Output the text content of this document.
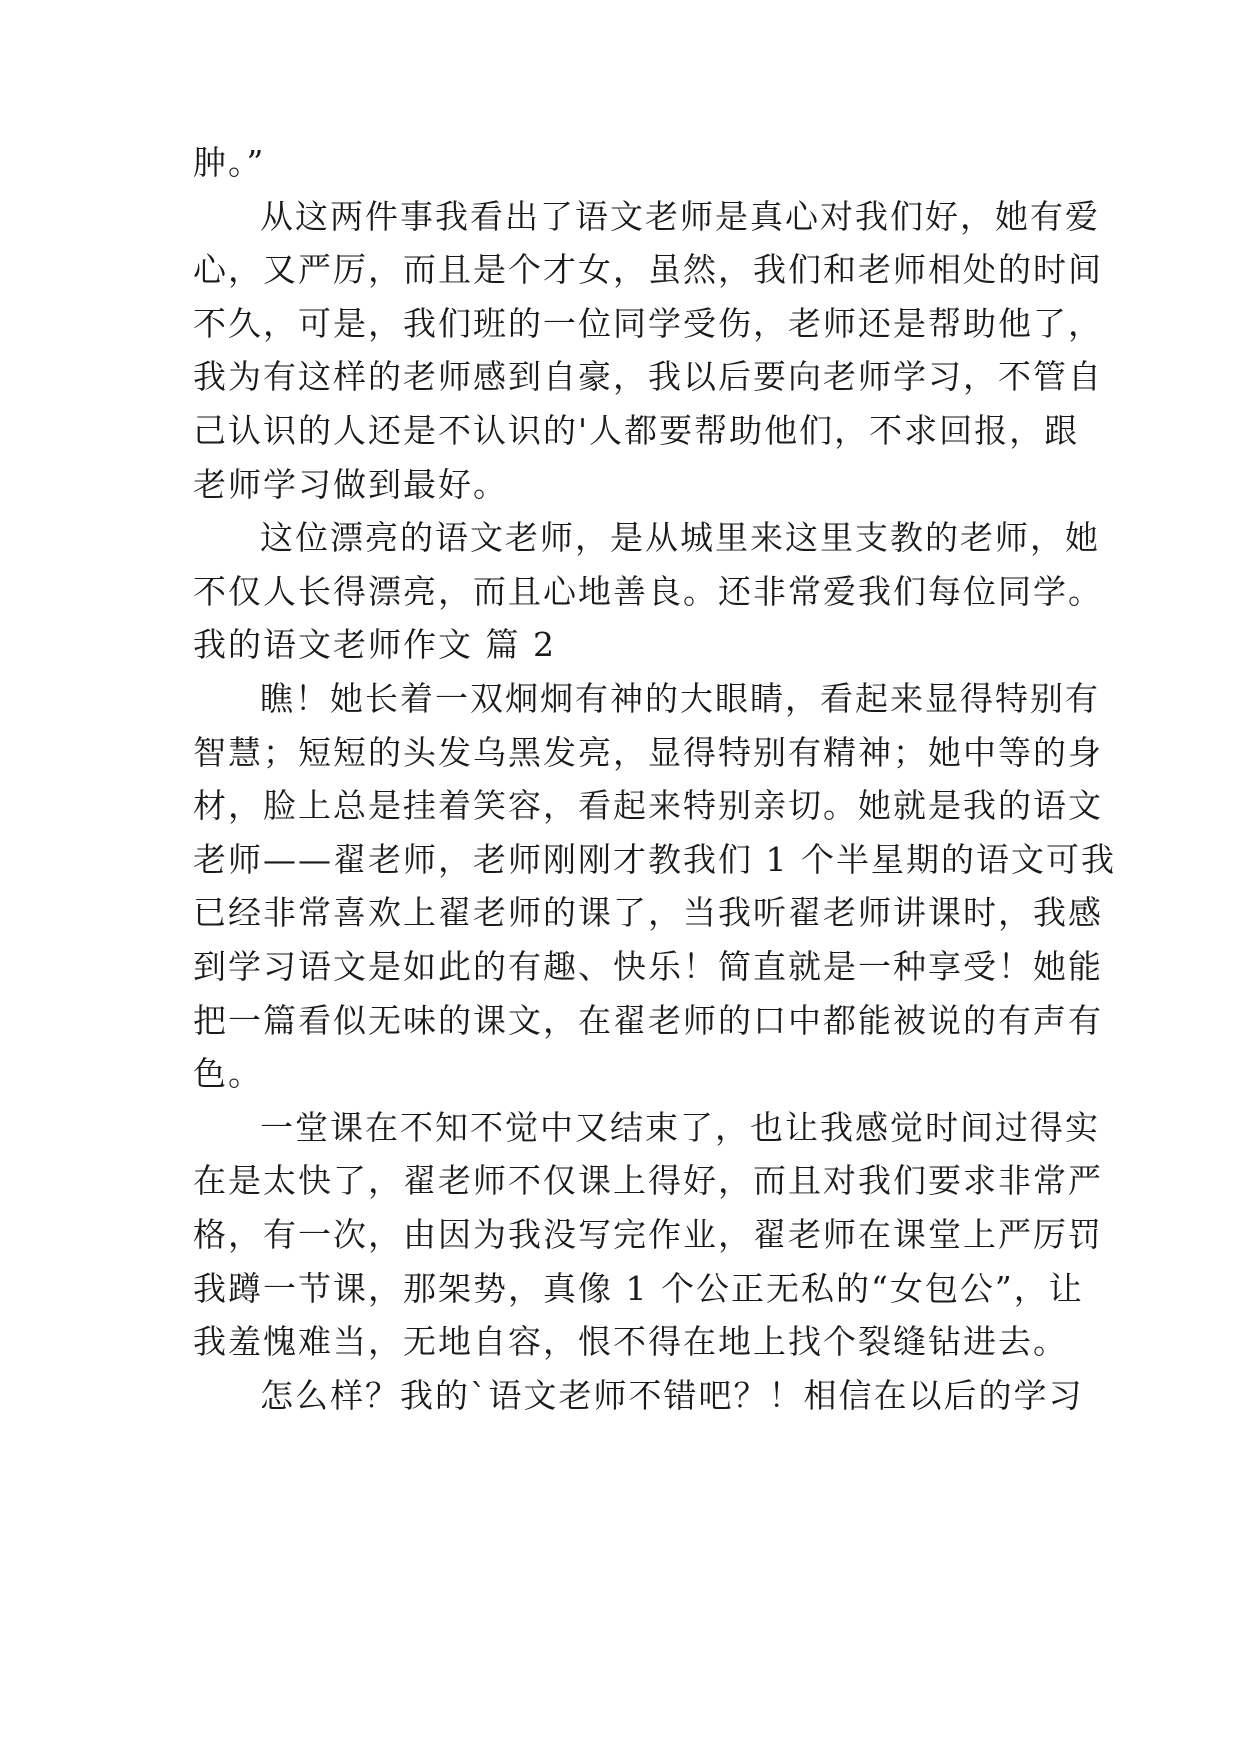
肿。”
从这两件事我看出了语文老师是真心对我们好，她有爱
心，又严厉，而且是个才女，虽然，我们和老师相处的时间
不久，可是，我们班的一位同学受伤，老师还是帮助他了，
我为有这样的老师感到自豪，我以后要向老师学习，不管自
己认识的人还是不认识的'人都要帮助他们，不求回报，跟
老师学习做到最好。
这位漂亮的语文老师，是从城里来这里支教的老师，她
不仅人长得漂亮，而且心地善良。还非常爱我们每位同学。
我的语文老师作文 篇 2
瞧！她长着一双炯炯有神的大眼睛，看起来显得特别有
智慧；短短的头发乌黑发亮，显得特别有精神；她中等的身
材，脸上总是挂着笑容，看起来特别亲切。她就是我的语文
老师——翟老师，老师刚刚才教我们 1 个半星期的语文可我
已经非常喜欢上翟老师的课了，当我听翟老师讲课时，我感
到学习语文是如此的有趣、快乐！简直就是一种享受！她能
把一篇看似无味的课文，在翟老师的口中都能被说的有声有
色。
一堂课在不知不觉中又结束了，也让我感觉时间过得实
在是太快了，翟老师不仅课上得好，而且对我们要求非常严
格，有一次，由因为我没写完作业，翟老师在课堂上严厉罚
我蹲一节课，那架势，真像 1 个公正无私的“女包公”，让
我羞愧难当，无地自容，恨不得在地上找个裂缝钻进去。
怎么样？我的`语文老师不错吧？！相信在以后的学习
